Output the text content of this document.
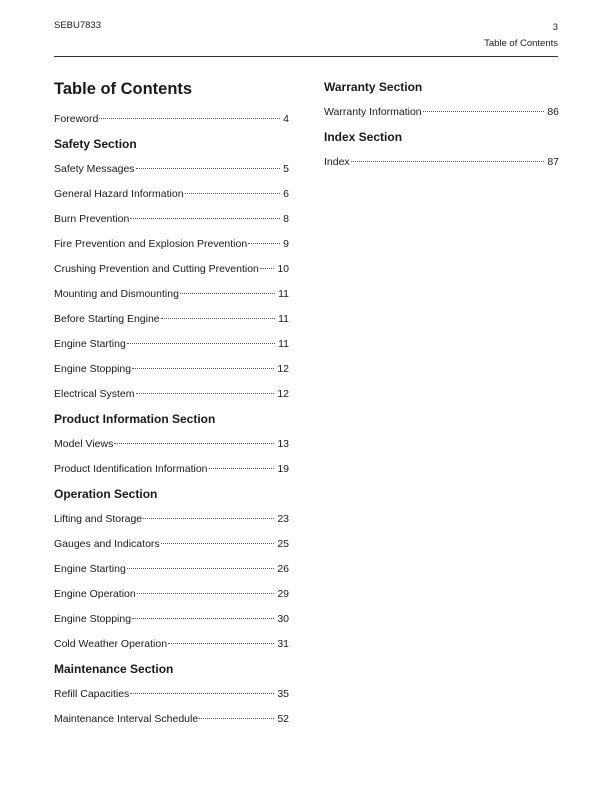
SEBU7833	3
Table of Contents
Table of Contents
Foreword	4
Safety Section
Safety Messages	5
General Hazard Information	6
Burn Prevention	8
Fire Prevention and Explosion Prevention	9
Crushing Prevention and Cutting Prevention 10
Mounting and Dismounting	11
Before Starting Engine	11
Engine Starting	11
Engine Stopping	12
Electrical System	12
Product Information Section
Model Views	13
Product Identification Information	19
Operation Section
Lifting and Storage	23
Gauges and Indicators	25
Engine Starting	26
Engine Operation	29
Engine Stopping	30
Cold Weather Operation	31
Maintenance Section
Refill Capacities	35
Maintenance Interval Schedule	52
Warranty Section
Warranty Information	86
Index Section
Index	87
